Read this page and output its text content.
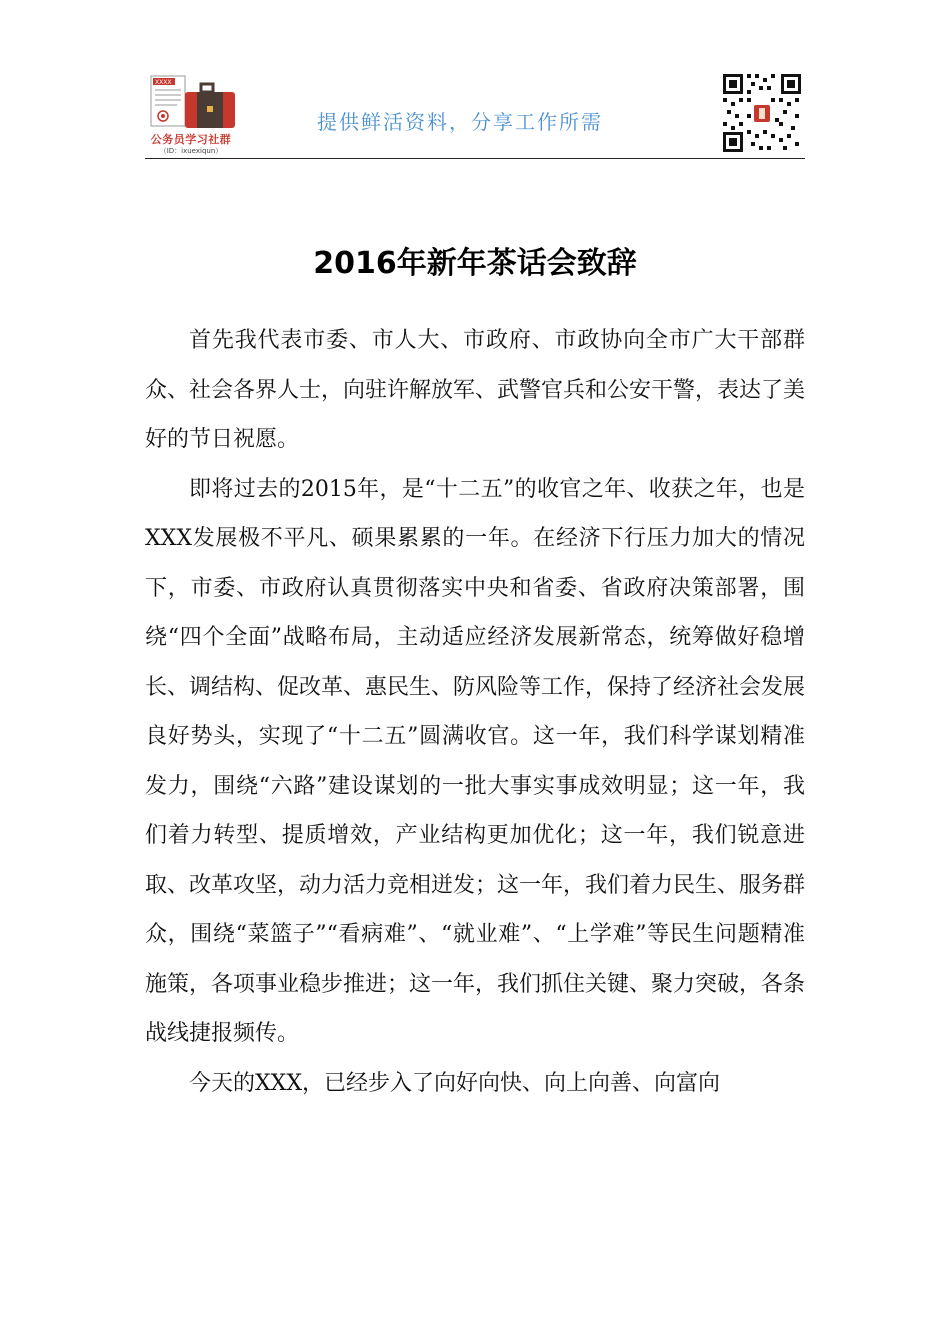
XXXX
公务员学习社群
（ID：ixuexiqun）
提供鲜活资料，分享工作所需
2016年新年茶话会致辞

首先我代表市委、市人大、市政府、市政协向全市广大干部群众、社会各界人士，向驻许解放军、武警官兵和公安干警，表达了美好的节日祝愿。

即将过去的2015年，是“十二五”的收官之年、收获之年，也是XXX发展极不平凡、硕果累累的一年。在经济下行压力加大的情况下，市委、市政府认真贯彻落实中央和省委、省政府决策部署，围绕“四个全面”战略布局，主动适应经济发展新常态，统筹做好稳增长、调结构、促改革、惠民生、防风险等工作，保持了经济社会发展良好势头，实现了“十二五”圆满收官。这一年，我们科学谋划精准发力，围绕“六路”建设谋划的一批大事实事成效明显；这一年，我们着力转型、提质增效，产业结构更加优化；这一年，我们锐意进取、改革攻坚，动力活力竞相迸发；这一年，我们着力民生、服务群众，围绕“菜篮子”“看病难”、“就业难”、“上学难”等民生问题精准施策，各项事业稳步推进；这一年，我们抓住关键、聚力突破，各条战线捷报频传。

今天的XXX，已经步入了向好向快、向上向善、向富向
